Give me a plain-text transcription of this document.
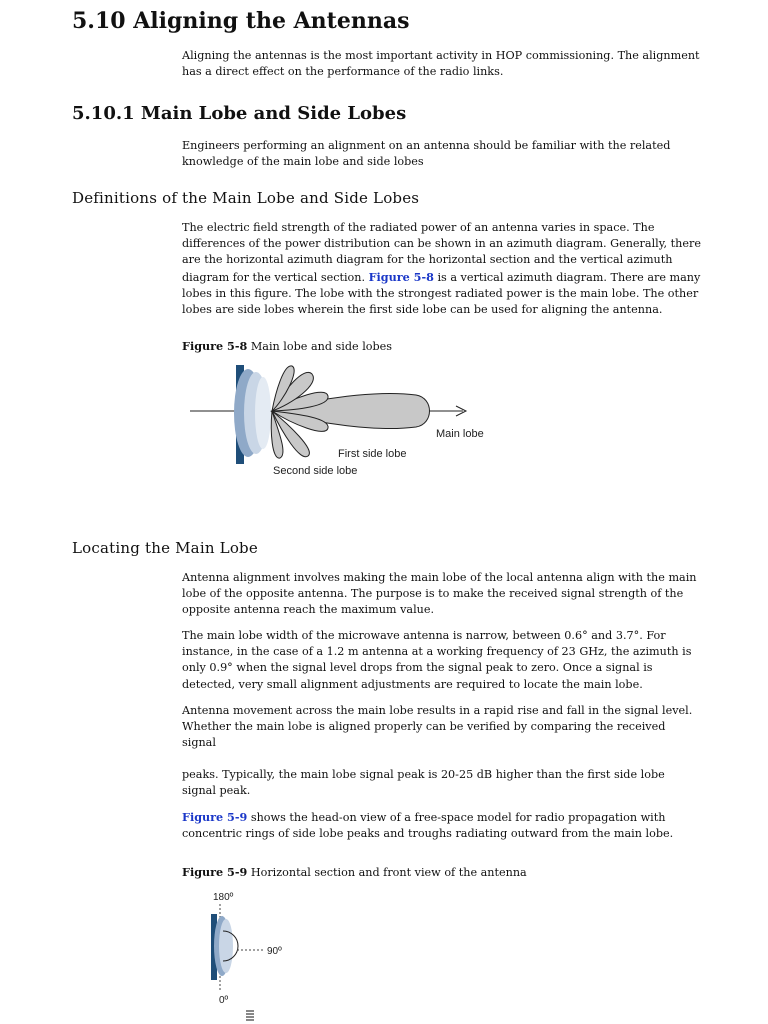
5.10 Aligning the Antennas

Aligning the antennas is the most important activity in HOP commissioning. The alignment has a direct effect on the performance of the radio links.

5.10.1 Main Lobe and Side Lobes

Engineers performing an alignment on an antenna should be familiar with the related knowledge of the main lobe and side lobes

Definitions of the Main Lobe and Side Lobes

The electric field strength of the radiated power of an antenna varies in space. The differences of the power distribution can be shown in an azimuth diagram. Generally, there are the horizontal azimuth diagram for the horizontal section and the vertical azimuth diagram for the vertical section. Figure 5-8 is a vertical azimuth diagram. There are many lobes in this figure. The lobe with the strongest radiated power is the main lobe. The other lobes are side lobes wherein the first side lobe can be used for aligning the antenna.

Figure 5-8 Main lobe and side lobes

Main lobe
First side lobe
Second side lobe
Locating the Main Lobe

Antenna alignment involves making the main lobe of the local antenna align with the main lobe of the opposite antenna. The purpose is to make the received signal strength of the opposite antenna reach the maximum value.

The main lobe width of the microwave antenna is narrow, between 0.6° and 3.7°. For instance, in the case of a 1.2 m antenna at a working frequency of 23 GHz, the azimuth is only 0.9° when the signal level drops from the signal peak to zero. Once a signal is detected, very small alignment adjustments are required to locate the main lobe.

Antenna movement across the main lobe results in a rapid rise and fall in the signal level. Whether the main lobe is aligned properly can be verified by comparing the received signal

peaks. Typically, the main lobe signal peak is 20-25 dB higher than the first side lobe signal peak.

Figure 5-9 shows the head-on view of a free-space model for radio propagation with concentric rings of side lobe peaks and troughs radiating outward from the main lobe.

Figure 5-9 Horizontal section and front view of the antenna

180º
90º
0º
